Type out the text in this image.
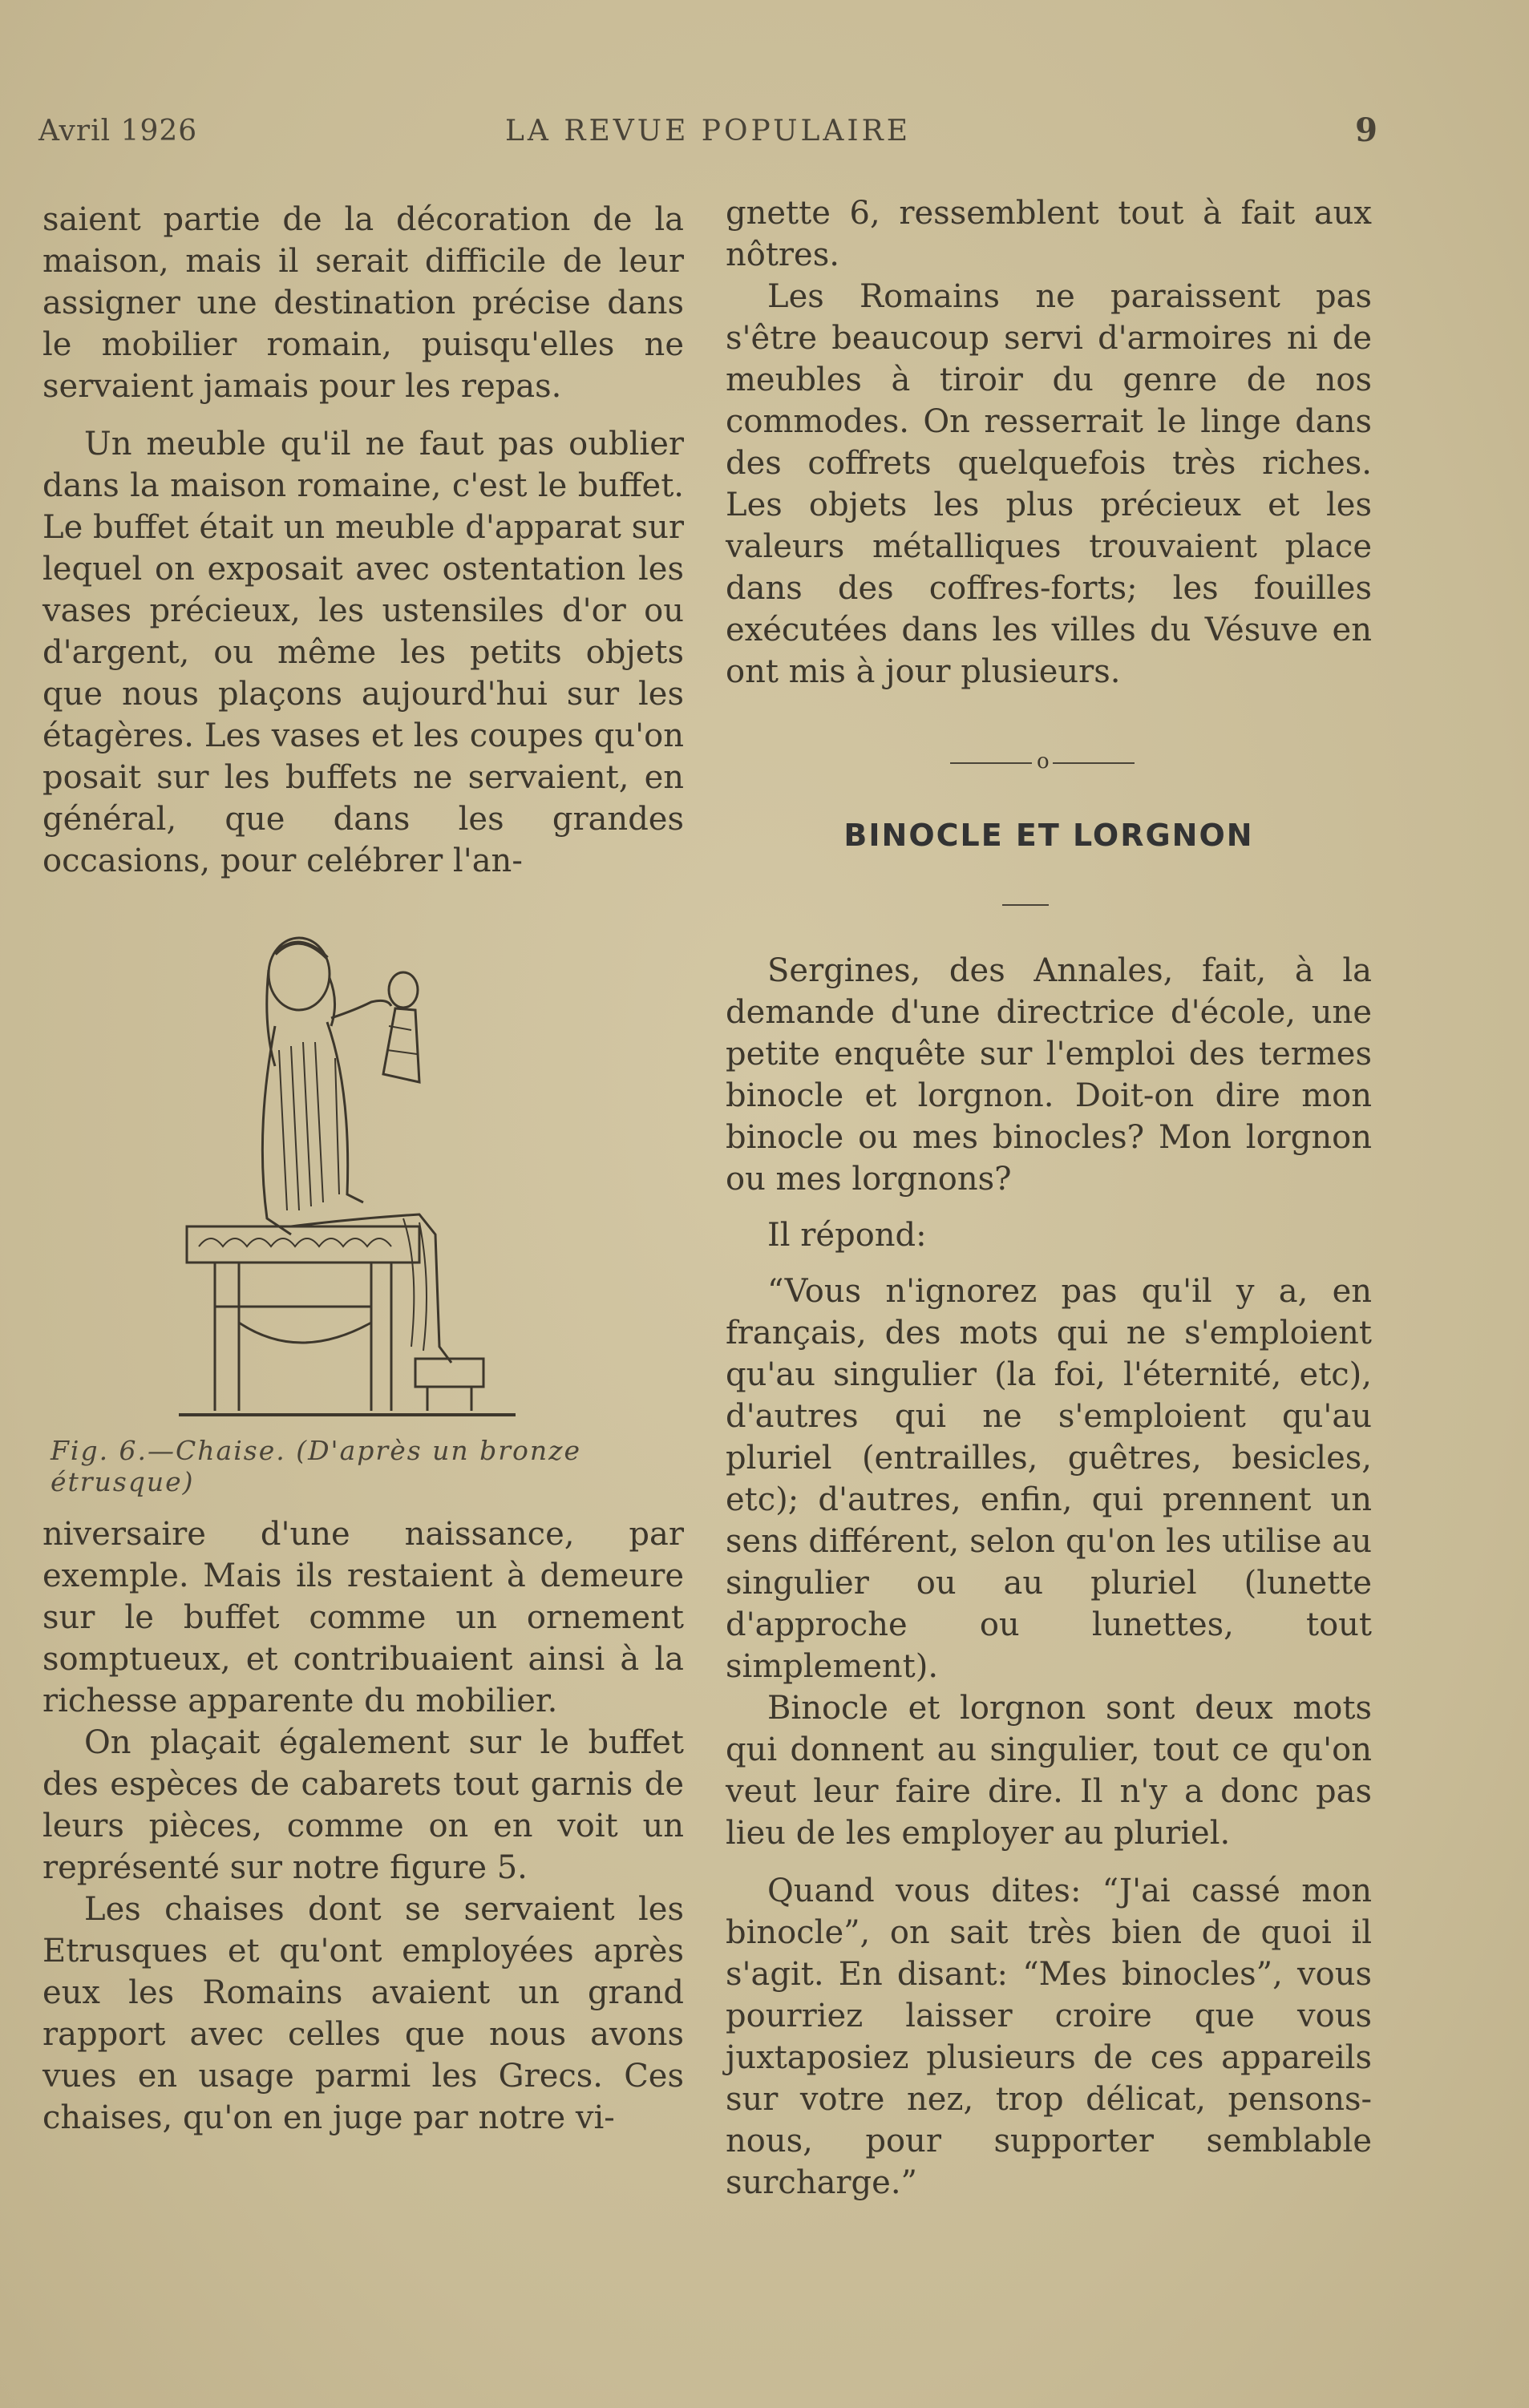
Avril 1926	LA REVUE POPULAIRE	9

saient partie de la décoration de la maison, mais il serait difficile de leur assigner une destination précise dans le mobilier romain, puisqu'elles ne servaient jamais pour les repas.

Un meuble qu'il ne faut pas oublier dans la maison romaine, c'est le buffet. Le buffet était un meuble d'apparat sur lequel on exposait avec ostentation les vases précieux, les ustensiles d'or ou d'argent, ou même les petits objets que nous plaçons aujourd'hui sur les étagères. Les vases et les coupes qu'on posait sur les buffets ne servaient, en général, que dans les grandes occasions, pour celébrer l'an-

Fig. 6.—Chaise. (D'après un bronze étrusque)

niversaire d'une naissance, par exemple. Mais ils restaient à demeure sur le buffet comme un ornement somptueux, et contribuaient ainsi à la richesse apparente du mobilier.

On plaçait également sur le buffet des espèces de cabarets tout garnis de leurs pièces, comme on en voit un représenté sur notre figure 5.

Les chaises dont se servaient les Etrusques et qu'ont employées après eux les Romains avaient un grand rapport avec celles que nous avons vues en usage parmi les Grecs. Ces chaises, qu'on en juge par notre vi-

gnette 6, ressemblent tout à fait aux nôtres.

Les Romains ne paraissent pas s'être beaucoup servi d'armoires ni de meubles à tiroir du genre de nos commodes. On resserrait le linge dans des coffrets quelquefois très riches. Les objets les plus précieux et les valeurs métalliques trouvaient place dans des coffres-forts; les fouilles exécutées dans les villes du Vésuve en ont mis à jour plusieurs.

o
BINOCLE ET LORGNON

Sergines, des Annales, fait, à la demande d'une directrice d'école, une petite enquête sur l'emploi des termes binocle et lorgnon. Doit-on dire mon binocle ou mes binocles? Mon lorgnon ou mes lorgnons?

Il répond:

“Vous n'ignorez pas qu'il y a, en français, des mots qui ne s'emploient qu'au singulier (la foi, l'éternité, etc), d'autres qui ne s'emploient qu'au pluriel (entrailles, guêtres, besicles, etc); d'autres, enfin, qui prennent un sens différent, selon qu'on les utilise au singulier ou au pluriel (lunette d'approche ou lunettes, tout simplement).

Binocle et lorgnon sont deux mots qui donnent au singulier, tout ce qu'on veut leur faire dire. Il n'y a donc pas lieu de les employer au pluriel.

Quand vous dites: “J'ai cassé mon binocle”, on sait très bien de quoi il s'agit. En disant: “Mes binocles”, vous pourriez laisser croire que vous juxtaposiez plusieurs de ces appareils sur votre nez, trop délicat, pensons-nous, pour supporter semblable surcharge.”
